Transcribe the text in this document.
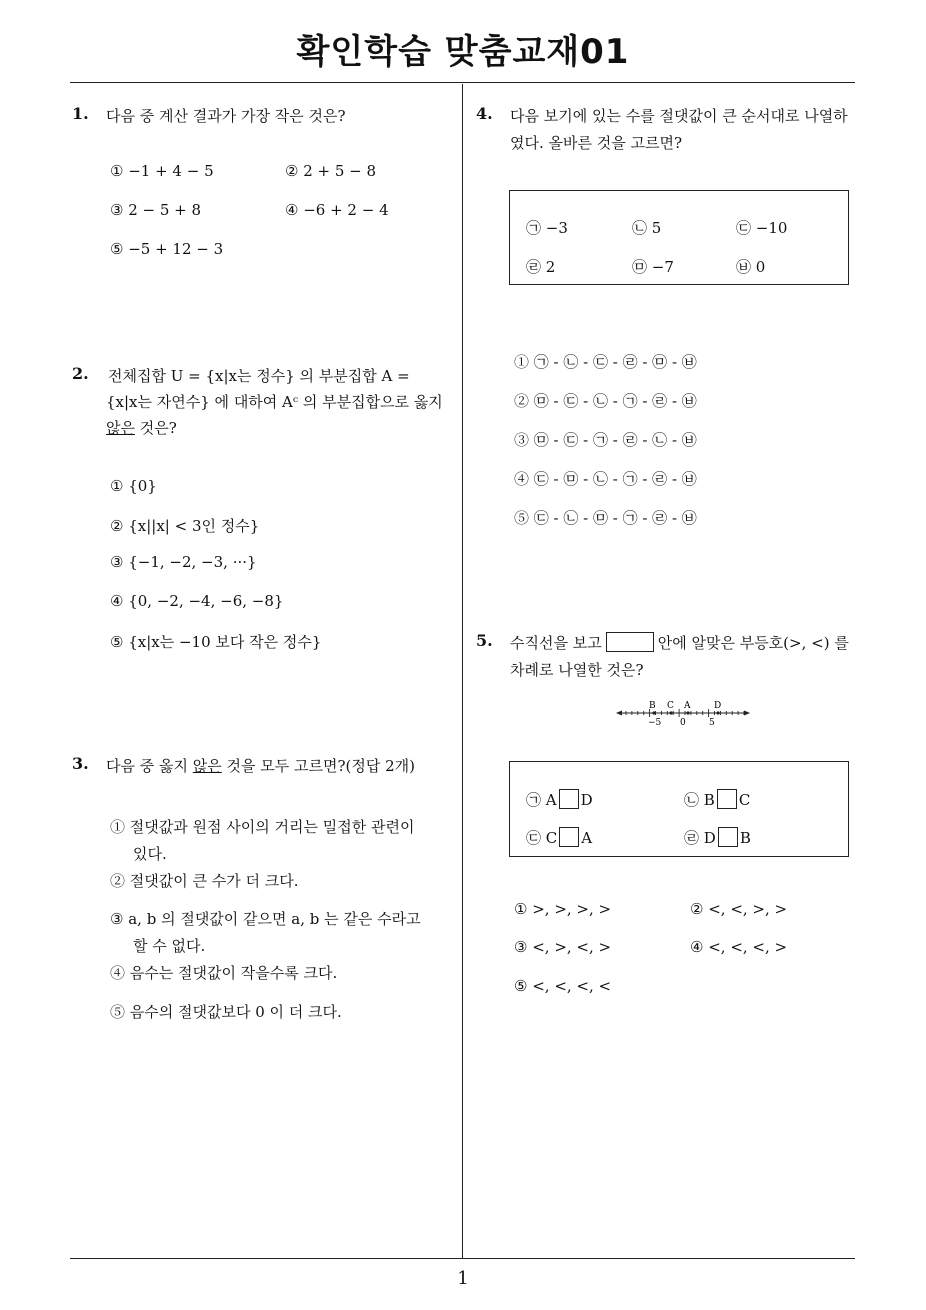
확인학습 맞춤교재01
1
1. 다음 중 계산 결과가 가장 작은 것은?
① −1 + 4 − 5	② 2 + 5 − 8
③ 2 − 5 + 8	④ −6 + 2 − 4
⑤ −5 + 12 − 3
2. 전체집합 U = {x|x는 정수} 의 부분집합 A =
{x|x는 자연수} 에 대하여 Aᶜ 의 부분집합으로 옳지
않은 것은?
① {0}
② {x||x| < 3인 정수}
③ {−1, −2, −3, ···}
④ {0, −2, −4, −6, −8}
⑤ {x|x는 −10 보다 작은 정수}
3. 다음 중 옳지 않은 것을 모두 고르면?(정답 2개)
① 절댓값과 원점 사이의 거리는 밀접한 관련이
있다.
② 절댓값이 큰 수가 더 크다.
③ a, b 의 절댓값이 같으면 a, b 는 같은 수라고
할 수 없다.
④ 음수는 절댓값이 작을수록 크다.
⑤ 음수의 절댓값보다 0 이 더 크다.
4. 다음 보기에 있는 수를 절댓값이 큰 순서대로 나열하
였다. 올바른 것을 고르면?
㉠ −3	㉡ 5	㉢ −10
㉣ 2	㉤ −7	㉥ 0
① ㉠ - ㉡ - ㉢ - ㉣ - ㉤ - ㉥
② ㉤ - ㉢ - ㉡ - ㉠ - ㉣ - ㉥
③ ㉤ - ㉢ - ㉠ - ㉣ - ㉡ - ㉥
④ ㉢ - ㉤ - ㉡ - ㉠ - ㉣ - ㉥
⑤ ㉢ - ㉡ - ㉤ - ㉠ - ㉣ - ㉥
5. 수직선을 보고	안에 알맞은 부등호(>, <) 를
차례로 나열한 것은?
B C A	D
−5 0	5
㉠ A D	㉡ B C
㉢ C A	㉣ D B
① >, >, >, >	② <, <, >, >
③ <, >, <, >	④ <, <, <, >
⑤ <, <, <, <
